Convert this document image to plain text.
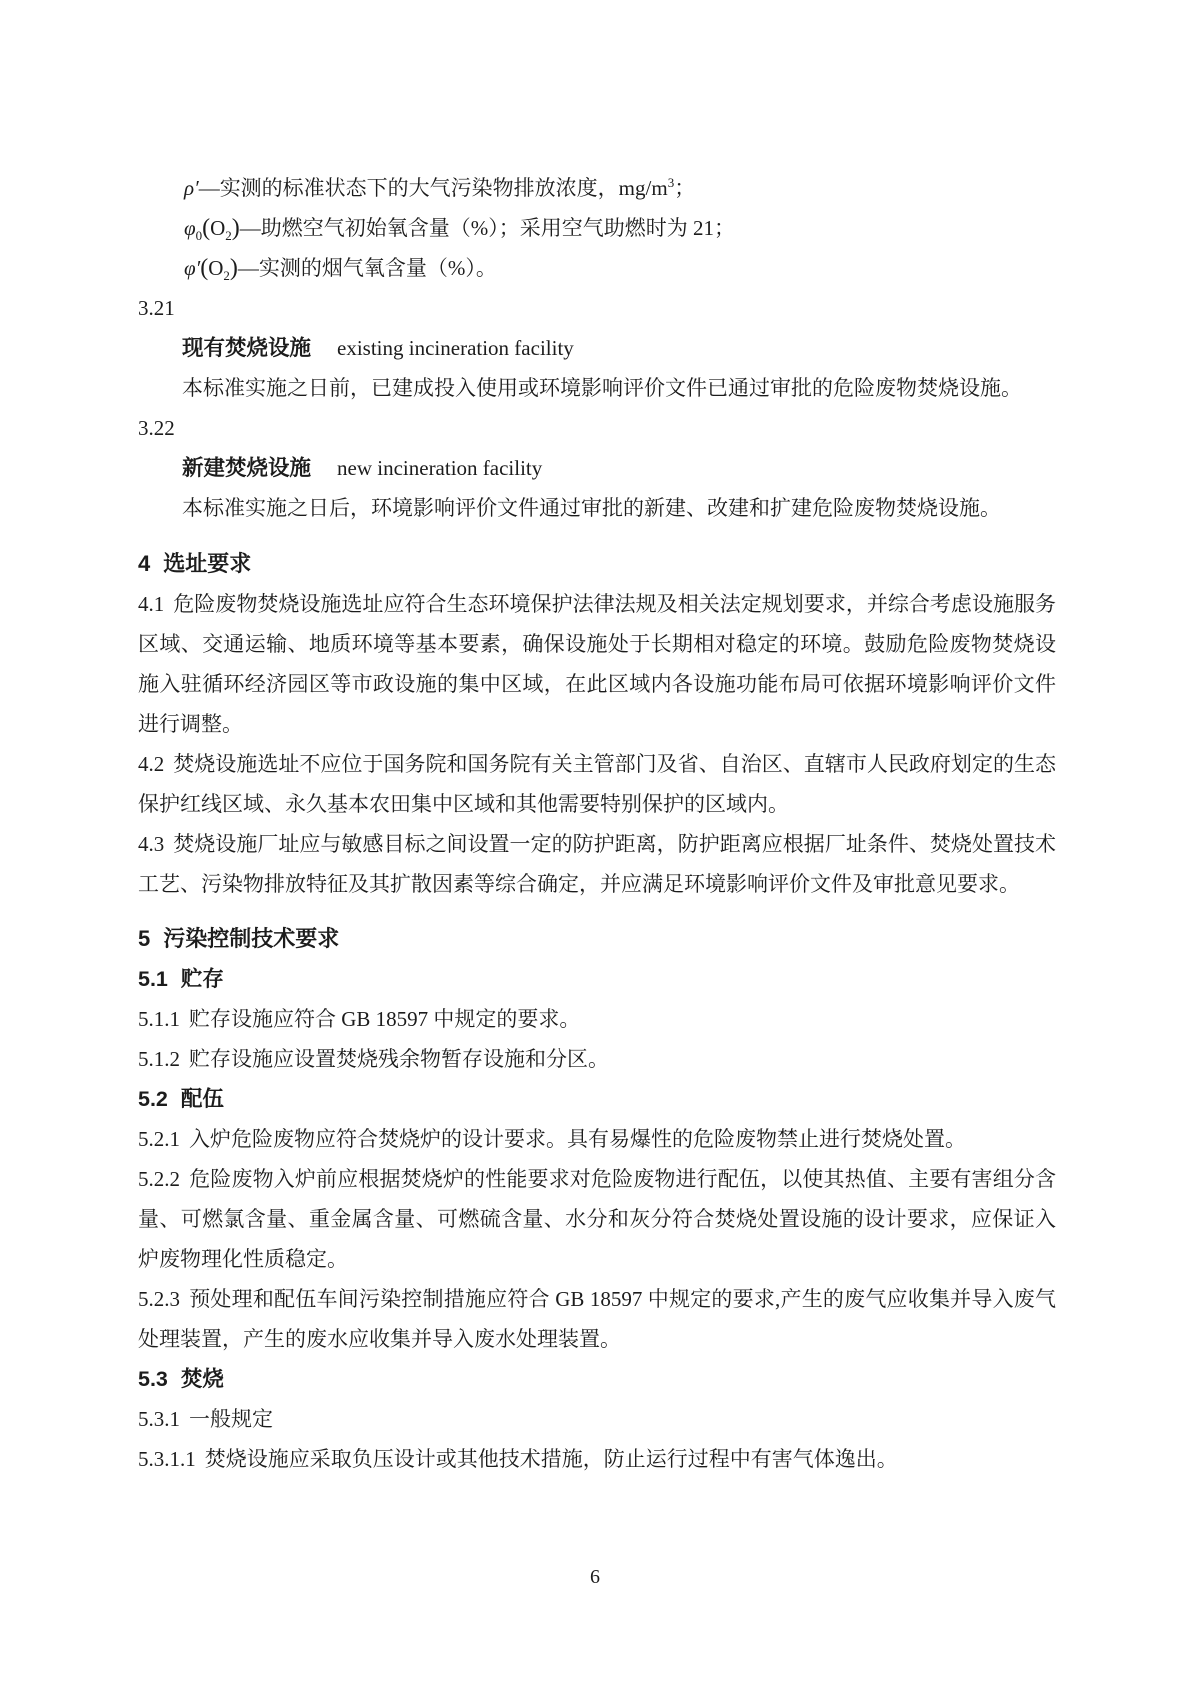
ρ′—实测的标准状态下的大气污染物排放浓度，$mg/m^3$；

$\varphi_0(O_2)—$助燃空气初始氧含量（%）；采用空气助燃时为 21；

$\varphi'(O_2)—$实测的烟气氧含量（%）。

3.21

现有焚烧设施 existing incineration facility

本标准实施之日前，已建成投入使用或环境影响评价文件已通过审批的危险废物焚烧设施。

3.22

新建焚烧设施 new incineration facility

本标准实施之日后，环境影响评价文件通过审批的新建、改建和扩建危险废物焚烧设施。

4 选址要求

4.1 危险废物焚烧设施选址应符合生态环境保护法律法规及相关法定规划要求，并综合考虑设施服务区域、交通运输、地质环境等基本要素，确保设施处于长期相对稳定的环境。鼓励危险废物焚烧设施入驻循环经济园区等市政设施的集中区域，在此区域内各设施功能布局可依据环境影响评价文件进行调整。

4.2 焚烧设施选址不应位于国务院和国务院有关主管部门及省、自治区、直辖市人民政府划定的生态保护红线区域、永久基本农田集中区域和其他需要特别保护的区域内。

4.3 焚烧设施厂址应与敏感目标之间设置一定的防护距离，防护距离应根据厂址条件、焚烧处置技术工艺、污染物排放特征及其扩散因素等综合确定，并应满足环境影响评价文件及审批意见要求。

5 污染控制技术要求

5.1 贮存

5.1.1 贮存设施应符合 GB 18597 中规定的要求。

5.1.2 贮存设施应设置焚烧残余物暂存设施和分区。

5.2 配伍

5.2.1 入炉危险废物应符合焚烧炉的设计要求。具有易爆性的危险废物禁止进行焚烧处置。

5.2.2 危险废物入炉前应根据焚烧炉的性能要求对危险废物进行配伍，以使其热值、主要有害组分含量、可燃氯含量、重金属含量、可燃硫含量、水分和灰分符合焚烧处置设施的设计要求，应保证入炉废物理化性质稳定。

5.2.3 预处理和配伍车间污染控制措施应符合 GB 18597 中规定的要求,产生的废气应收集并导入废气处理装置，产生的废水应收集并导入废水处理装置。

5.3 焚烧

5.3.1 一般规定

5.3.1.1 焚烧设施应采取负压设计或其他技术措施，防止运行过程中有害气体逸出。

6
